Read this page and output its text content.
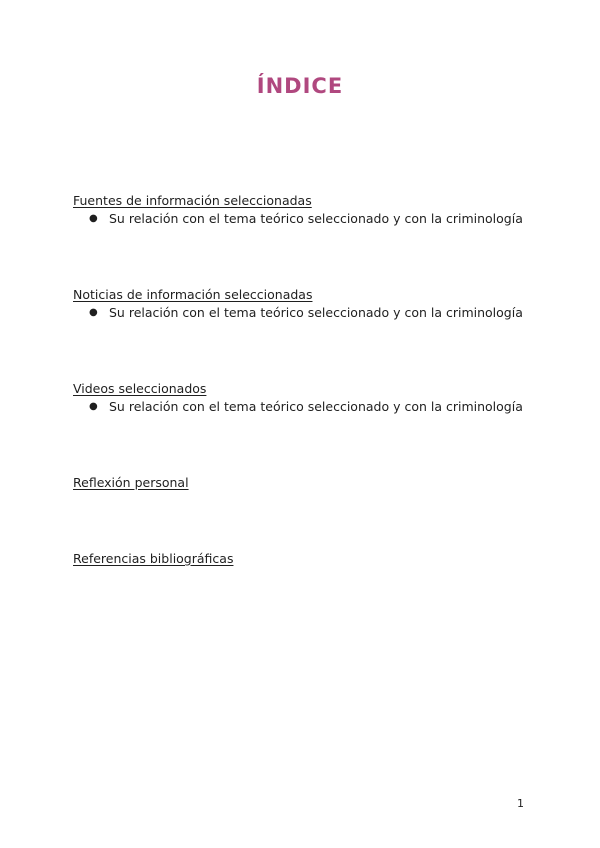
ÍNDICE
Fuentes de información seleccionadas
● Su relación con el tema teórico seleccionado y con la criminología
Noticias de información seleccionadas
● Su relación con el tema teórico seleccionado y con la criminología
Videos seleccionados
● Su relación con el tema teórico seleccionado y con la criminología
Reflexión personal
Referencias bibliográficas
1
